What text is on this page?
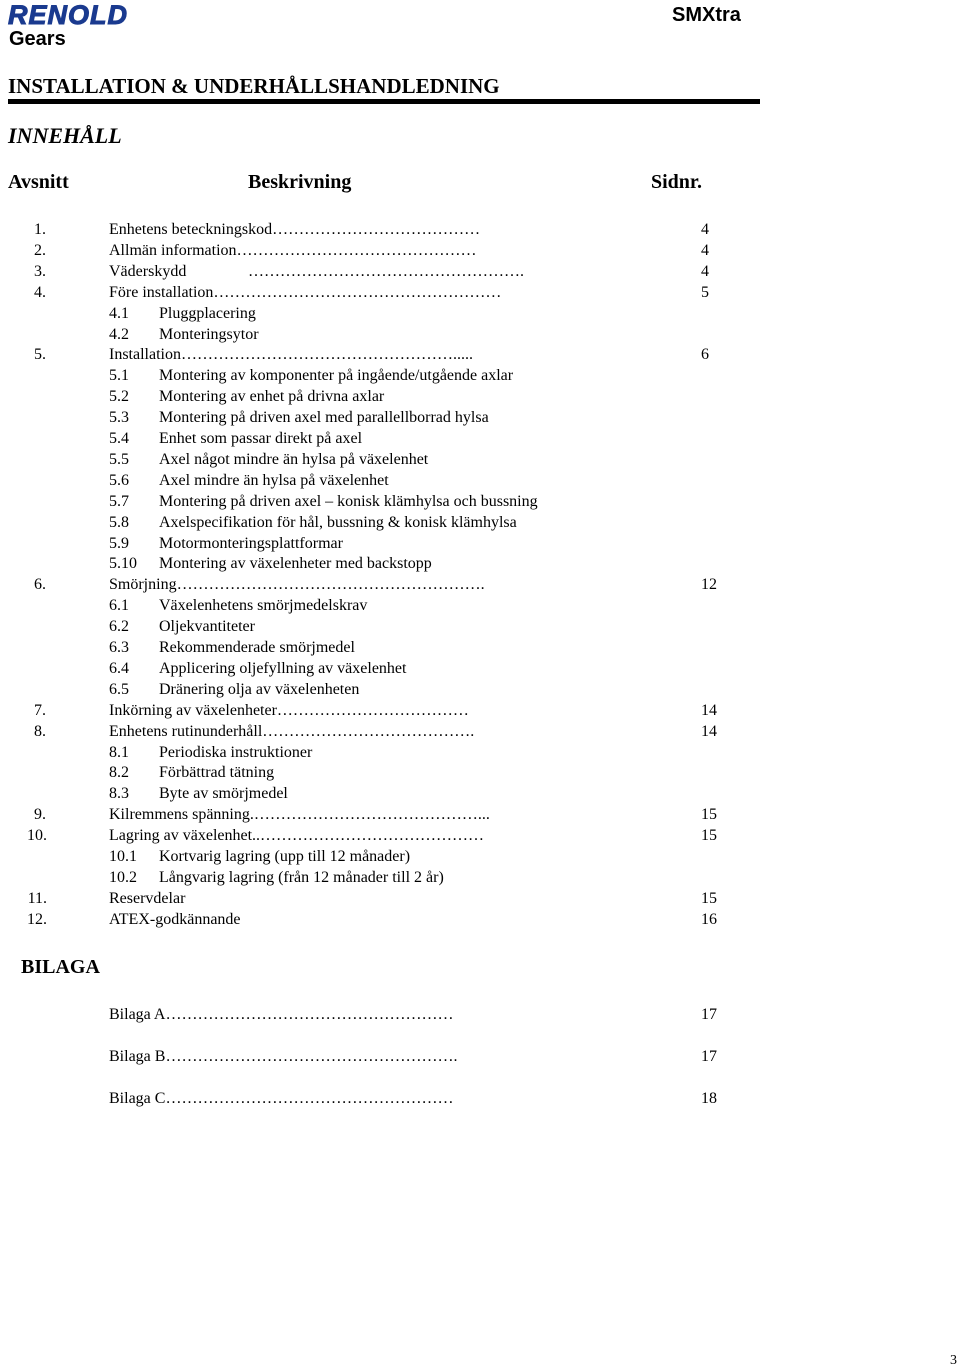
RENOLD
Gears
SMXtra
INSTALLATION & UNDERHÅLLSHANDLEDNING
INNEHÅLL
Avsnitt	Beskrivning	Sidnr.
1.	Enhetens beteckningskod…………………………………	4
2.	Allmän information………………………………………	4
3.	Väderskydd	…………………………………………….	4
4.	Före installation………………………………………………	5
4.1 Pluggplacering
4.2 Monteringsytor
5.	Installation…………………………………………….....	6
5.1 Montering av komponenter på ingående/utgående axlar
5.2 Montering av enhet på drivna axlar
5.3 Montering på driven axel med parallellborrad hylsa
5.4 Enhet som passar direkt på axel
5.5 Axel något mindre än hylsa på växelenhet
5.6 Axel mindre än hylsa på växelenhet
5.7 Montering på driven axel – konisk klämhylsa och bussning
5.8 Axelspecifikation för hål, bussning & konisk klämhylsa
5.9 Motormonteringsplattformar
5.10 Montering av växelenheter med backstopp
6.	Smörjning………………………………………………….	12
6.1 Växelenhetens smörjmedelskrav
6.2 Oljekvantiteter
6.3 Rekommenderade smörjmedel
6.4 Applicering oljefyllning av växelenhet
6.5 Dränering olja av växelenheten
7.	Inkörning av växelenheter………………………………	14
8.	Enhetens rutinunderhåll………………………………….	14
8.1 Periodiska instruktioner
8.2 Förbättrad tätning
8.3 Byte av smörjmedel
9.	Kilremmens spänning.……………………………………...	15
10.	Lagring av växelenhet..……………………………………	15
10.1 Kortvarig lagring (upp till 12 månader)
10.2 Långvarig lagring (från 12 månader till 2 år)
11.	Reservdelar	15
12.	ATEX-godkännande	16
BILAGA
Bilaga A………………………………………………	17
Bilaga B……………………………………………….	17
Bilaga C………………………………………………	18
3
